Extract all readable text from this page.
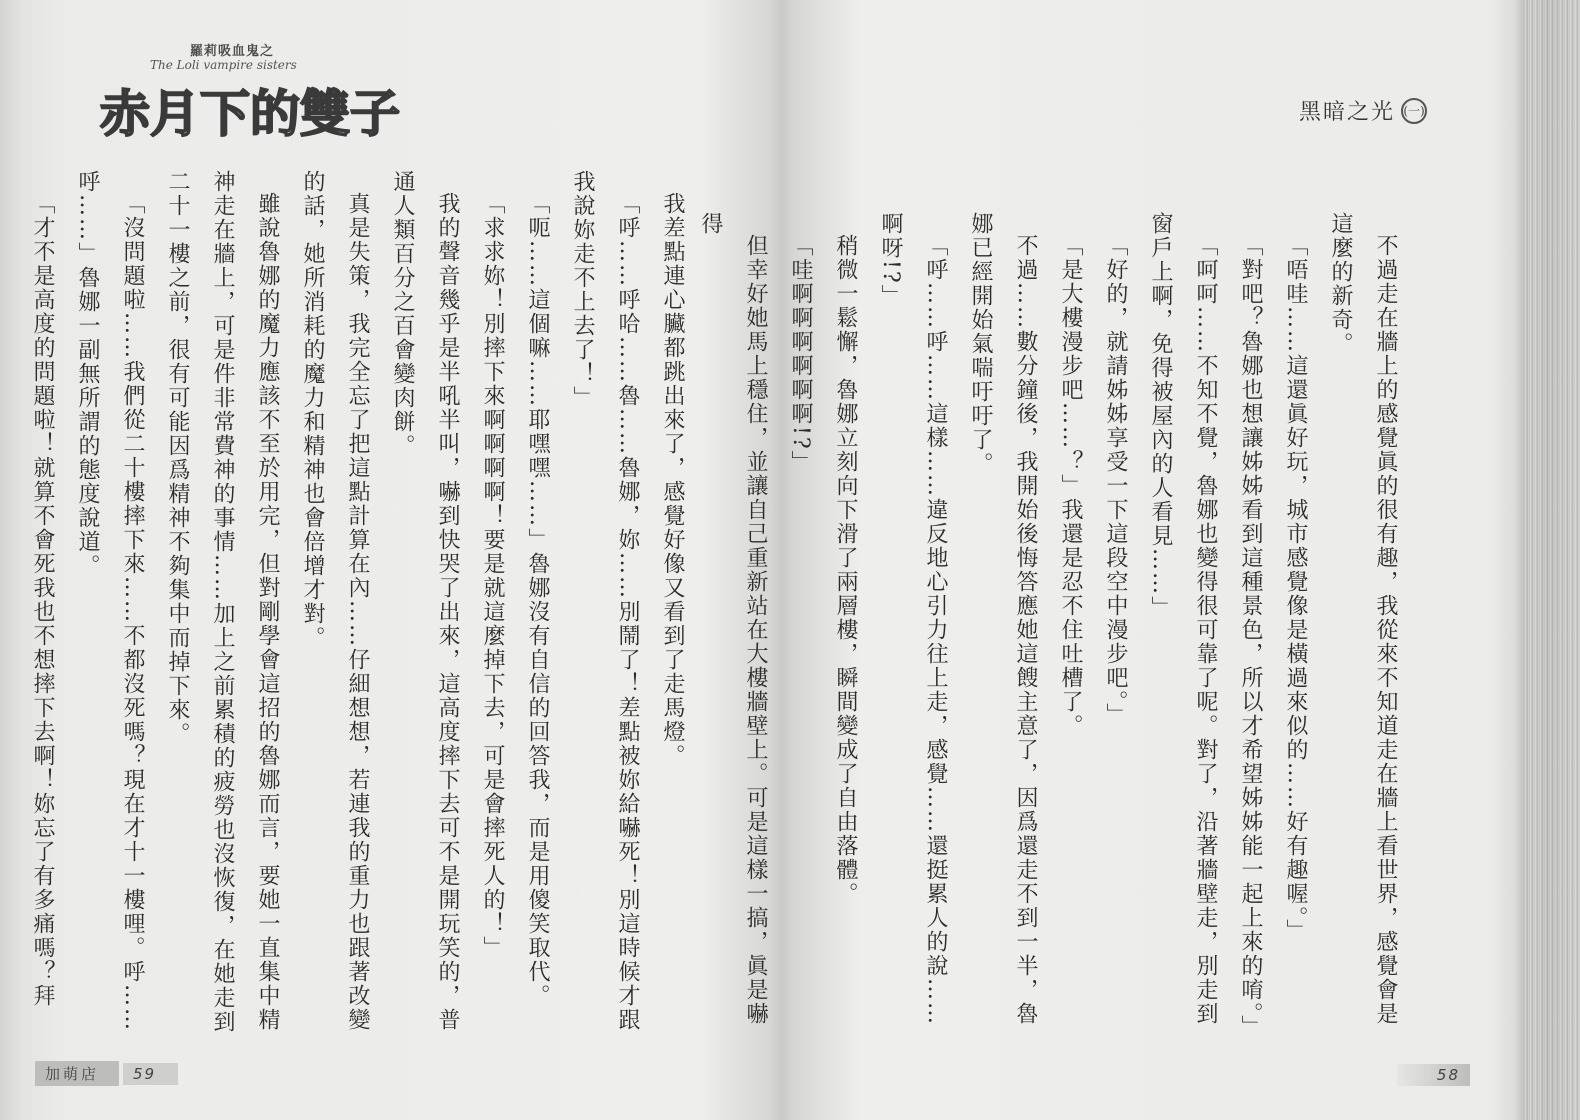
羅莉吸血鬼之
The Loli vampire sisters
赤月下的雙子
我差點連心臟都跳出來了，感覺好像又看到了走馬燈。
「呼……呼哈……魯……魯娜，妳……別鬧了！差點被妳給嚇死！別這時候才跟我說妳走不上去了！」
「呃……這個嘛……耶嘿嘿……」魯娜沒有自信的回答我，而是用傻笑取代。
「求求妳！別摔下來啊啊啊啊！要是就這麼掉下去，可是會摔死人的！」
我的聲音幾乎是半吼半叫，嚇到快哭了出來，這高度摔下去可不是開玩笑的，普通人類百分之百會變肉餅。
真是失策，我完全忘了把這點計算在內……仔細想想，若連我的重力也跟著改變的話，她所消耗的魔力和精神也會倍增才對。
雖說魯娜的魔力應該不至於用完，但對剛學會這招的魯娜而言，要她一直集中精神走在牆上，可是件非常費神的事情……加上之前累積的疲勞也沒恢復，在她走到二十一樓之前，很有可能因爲精神不夠集中而掉下來。
「沒問題啦……我們從二十樓摔下來……不都沒死嗎？現在才十一樓哩。呼……呼……」魯娜一副無所謂的態度說道。
「才不是高度的問題啦！就算不會死我也不想摔下去啊！妳忘了有多痛嗎？拜
加萌店	59
黑暗之光 (一)
不過走在牆上的感覺眞的很有趣，我從來不知道走在牆上看世界，感覺會是這麼的新奇。
「唔哇……這還眞好玩，城市感覺像是橫過來似的……好有趣喔。」
「對吧？魯娜也想讓姊姊看到這種景色，所以才希望姊姊能一起上來的唷。」
「呵呵……不知不覺，魯娜也變得很可靠了呢。對了，沿著牆壁走，別走到窗戶上啊，免得被屋內的人看見……」
「好的，就請姊姊享受一下這段空中漫步吧。」
「是大樓漫步吧……？」我還是忍不住吐槽了。
不過……數分鐘後，我開始後悔答應她這餿主意了，因爲還走不到一半，魯娜已經開始氣喘吁吁了。
「呼……呼……這樣……違反地心引力往上走，感覺……還挺累人的說……啊呀!?」
稍微一鬆懈，魯娜立刻向下滑了兩層樓，瞬間變成了自由落體。
「哇啊啊啊啊啊啊!?」
但幸好她馬上穩住，並讓自己重新站在大樓牆壁上。可是這樣一搞，眞是嚇得
58
